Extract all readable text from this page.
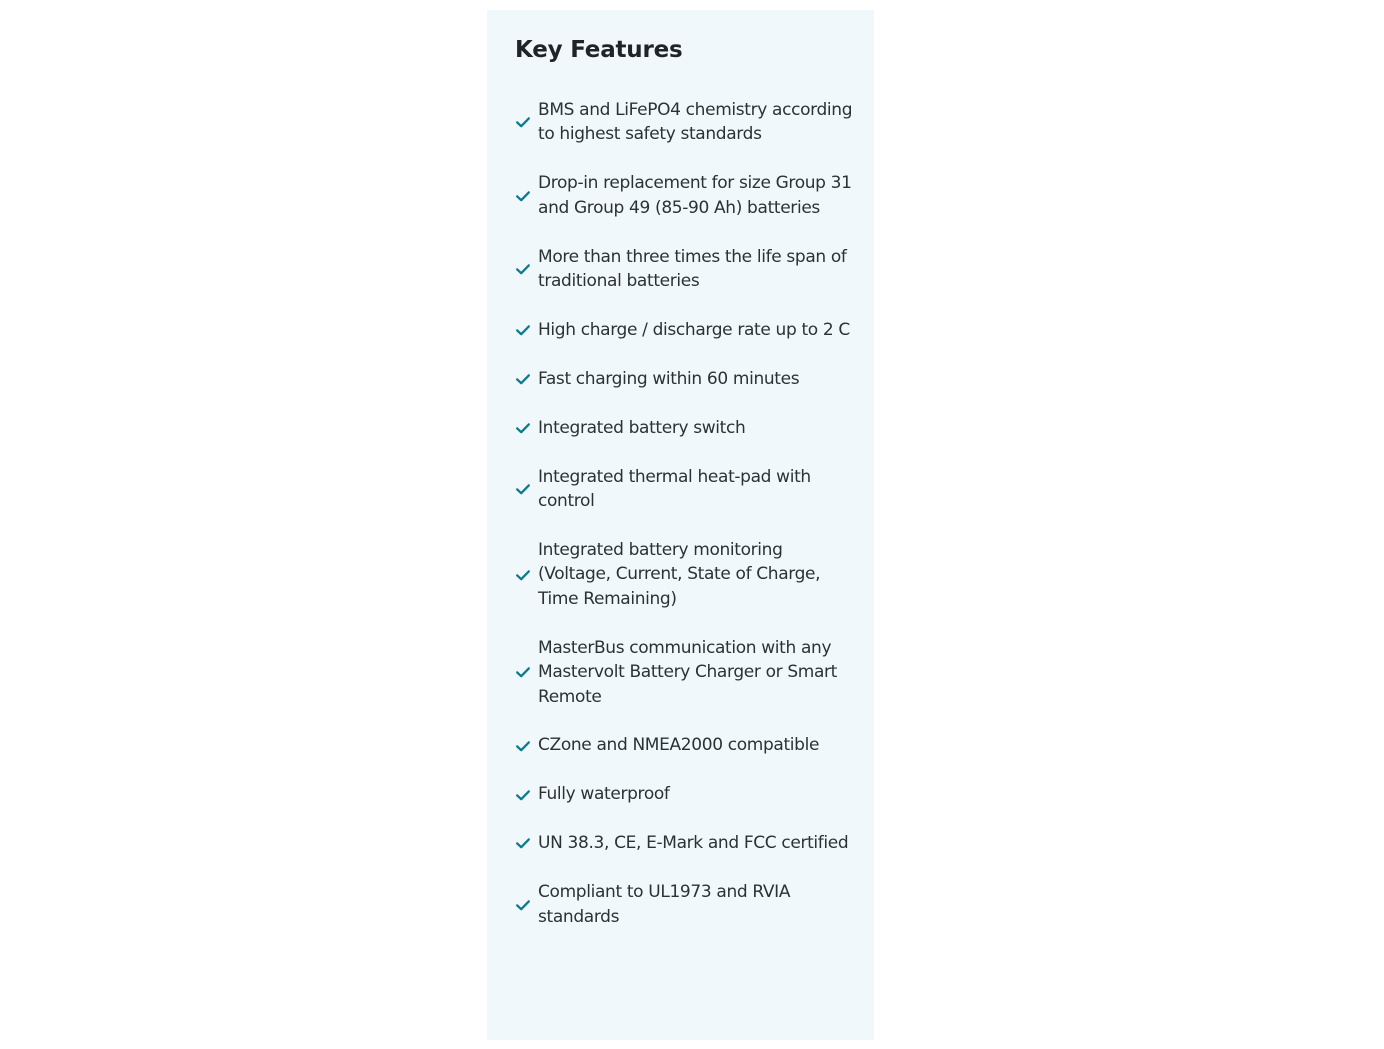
Key Features
BMS and LiFePO4 chemistry according to highest safety standards
Drop-in replacement for size Group 31 and Group 49 (85-90 Ah) batteries
More than three times the life span of traditional batteries
High charge / discharge rate up to 2 C
Fast charging within 60 minutes
Integrated battery switch
Integrated thermal heat-pad with control
Integrated battery monitoring (Voltage, Current, State of Charge, Time Remaining)
MasterBus communication with any Mastervolt Battery Charger or Smart Remote
CZone and NMEA2000 compatible
Fully waterproof
UN 38.3, CE, E-Mark and FCC certified
Compliant to UL1973 and RVIA standards
